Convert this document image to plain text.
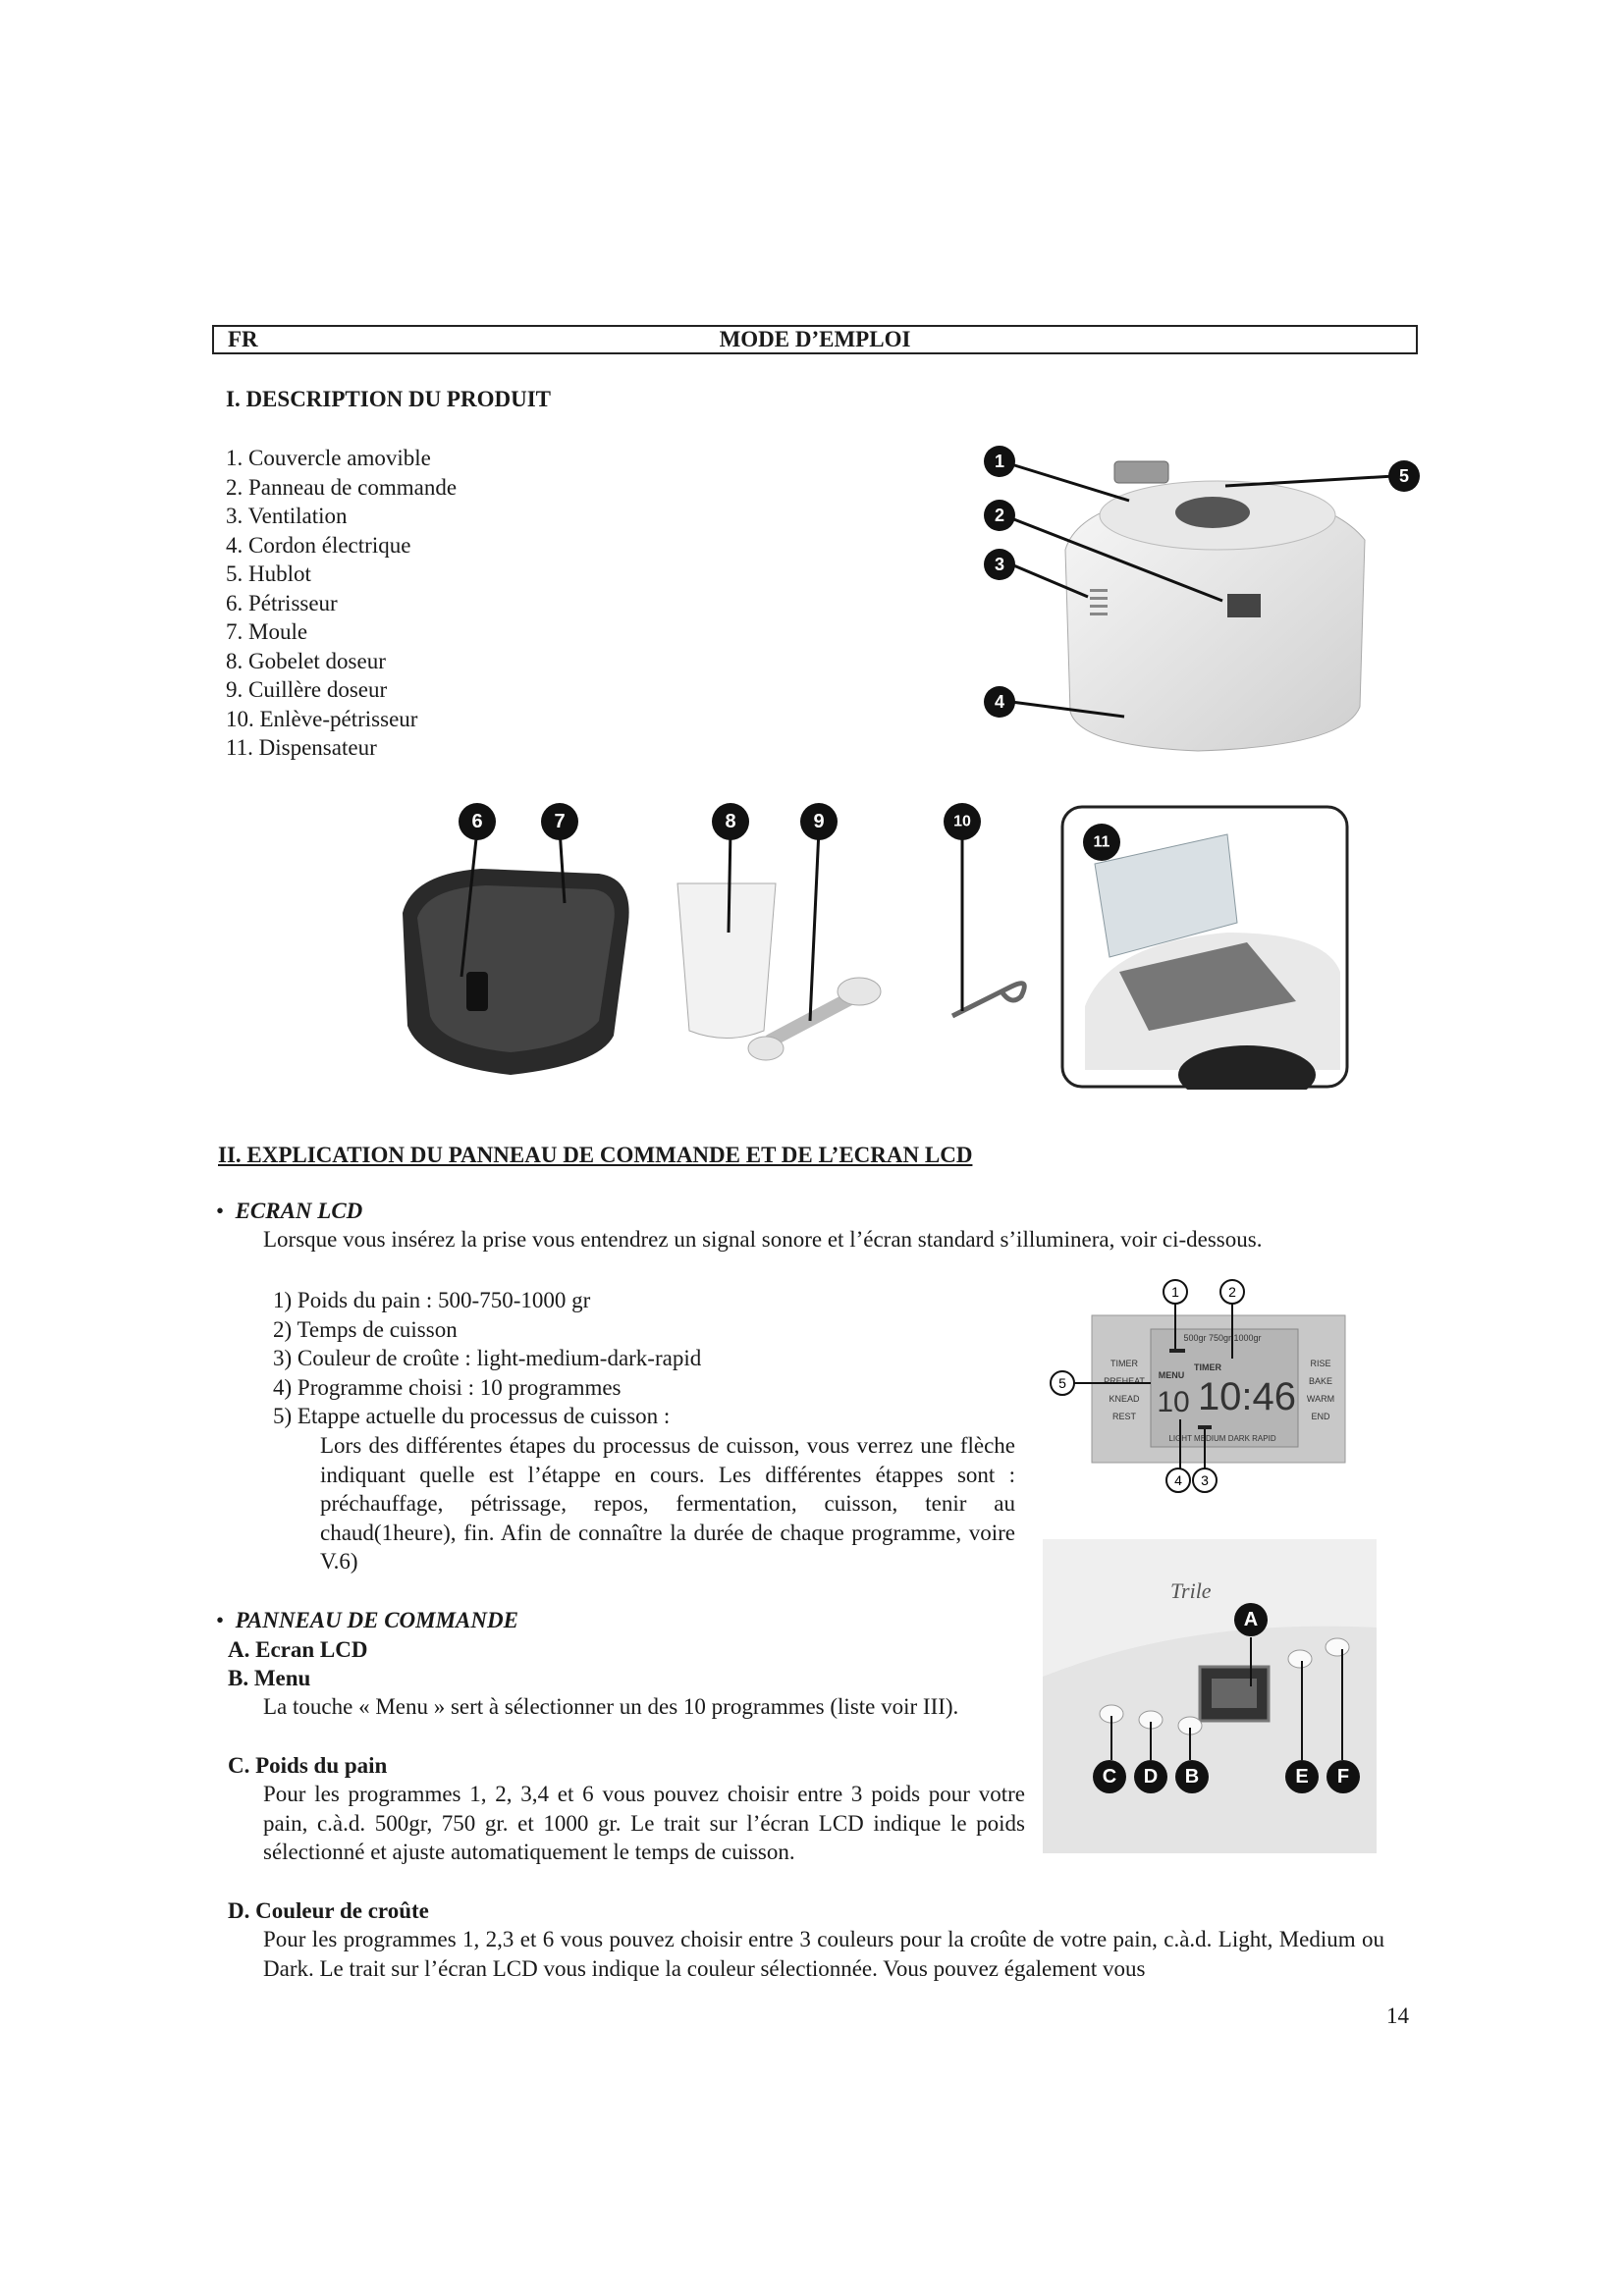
FR	MODE D’EMPLOI
I. DESCRIPTION DU PRODUIT
1. Couvercle amovible
2. Panneau de commande
3. Ventilation
4. Cordon électrique
5. Hublot
6. Pétrisseur
7. Moule
8. Gobelet doseur
9. Cuillère doseur
10. Enlève-pétrisseur
11. Dispensateur
1
2
3
4
5
6	7	8	9	10
11
II. EXPLICATION DU PANNEAU DE COMMANDE ET DE L’ECRAN LCD
•  ECRAN LCD
Lorsque vous insérez la prise vous entendrez un signal sonore et l’écran standard s’illuminera, voir ci-dessous.
1) Poids du pain : 500-750-1000 gr
2) Temps de cuisson
3) Couleur de croûte : light-medium-dark-rapid
4) Programme choisi : 10 programmes
5) Etappe actuelle du processus de cuisson :
Lors des différentes étapes du processus de cuisson, vous verrez une flèche indiquant quelle est l’étappe en cours. Les différentes étappes sont : préchauffage, pétrissage, repos, fermentation, cuisson, tenir au chaud(1heure), fin. Afin de connaître la durée de chaque programme, voire V.6)
500gr 750gr 1000gr
TIMER
PREHEAT
KNEAD
REST
RISE
BAKE
WARM
END
MENU
TIMER
10 10:46
LIGHT MEDIUM DARK RAPID
1	2
5
4 3
Trile
A
C D B	E F
•  PANNEAU DE COMMANDE
A. Ecran LCD
B. Menu
La touche « Menu » sert à sélectionner un des 10 programmes (liste voir III).
C. Poids du pain
Pour les programmes 1, 2, 3,4 et 6 vous pouvez choisir entre 3 poids pour votre pain, c.à.d. 500gr, 750 gr. et 1000 gr. Le trait sur l’écran LCD indique le poids sélectionné et ajuste automatiquement le temps de cuisson.
D. Couleur de croûte
Pour les programmes 1, 2,3 et 6 vous pouvez choisir entre 3 couleurs pour la croûte de votre pain, c.à.d. Light, Medium ou Dark. Le trait sur l’écran LCD vous indique la couleur sélectionnée. Vous pouvez également vous
14
